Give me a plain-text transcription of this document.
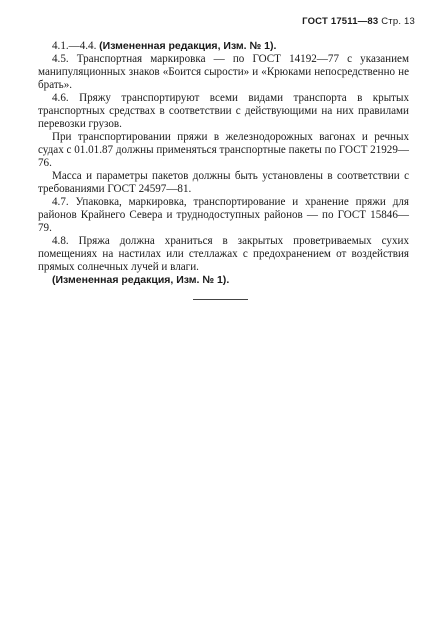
ГОСТ 17511—83 Стр. 13

4.1.—4.4. (Измененная редакция, Изм. № 1).

4.5. Транспортная маркировка — по ГОСТ 14192—77 с указанием манипуляционных знаков «Боится сырости» и «Крюками непосредственно не брать».

4.6. Пряжу транспортируют всеми видами транспорта в крытых транспортных средствах в соответствии с действующими на них правилами перевозки грузов.

При транспортировании пряжи в железнодорожных вагонах и речных судах с 01.01.87 должны применяться транспортные пакеты по ГОСТ 21929—76.

Масса и параметры пакетов должны быть установлены в соответствии с требованиями ГОСТ 24597—81.

4.7. Упаковка, маркировка, транспортирование и хранение пряжи для районов Крайнего Севера и труднодоступных районов — по ГОСТ 15846—79.

4.8. Пряжа должна храниться в закрытых проветриваемых сухих помещениях на настилах или стеллажах с предохранением от воздействия прямых солнечных лучей и влаги.

(Измененная редакция, Изм. № 1).
